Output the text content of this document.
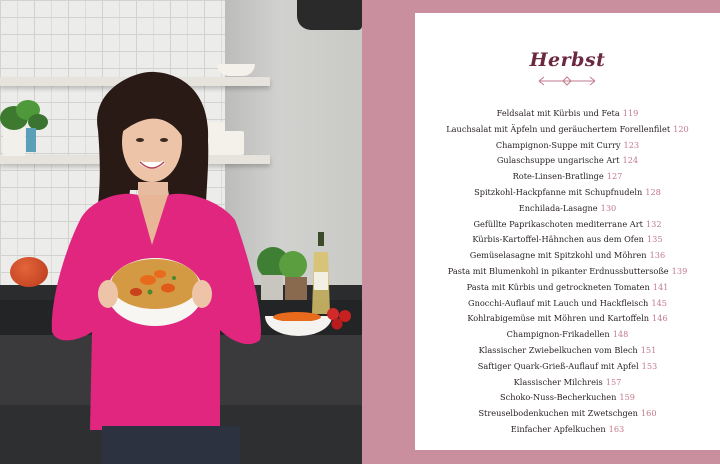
Herbst
Feldsalat mit Kürbis und Feta 119
Lauchsalat mit Äpfeln und geräuchertem Forellenfilet 120
Champignon-Suppe mit Curry 123
Gulaschsuppe ungarische Art 124
Rote-Linsen-Bratlinge 127
Spitzkohl-Hackpfanne mit Schupfnudeln 128
Enchilada-Lasagne 130
Gefüllte Paprikaschoten mediterrane Art 132
Kürbis-Kartoffel-Hähnchen aus dem Ofen 135
Gemüselasagne mit Spitzkohl und Möhren 136
Pasta mit Blumenkohl in pikanter Erdnussbuttersoße 139
Pasta mit Kürbis und getrockneten Tomaten 141
Gnocchi-Auflauf mit Lauch und Hackfleisch 145
Kohlrabigemüse mit Möhren und Kartoffeln 146
Champignon-Frikadellen 148
Klassischer Zwiebelkuchen vom Blech 151
Saftiger Quark-Grieß-Auflauf mit Apfel 153
Klassischer Milchreis 157
Schoko-Nuss-Becherkuchen 159
Streuselbodenkuchen mit Zwetschgen 160
Einfacher Apfelkuchen 163
